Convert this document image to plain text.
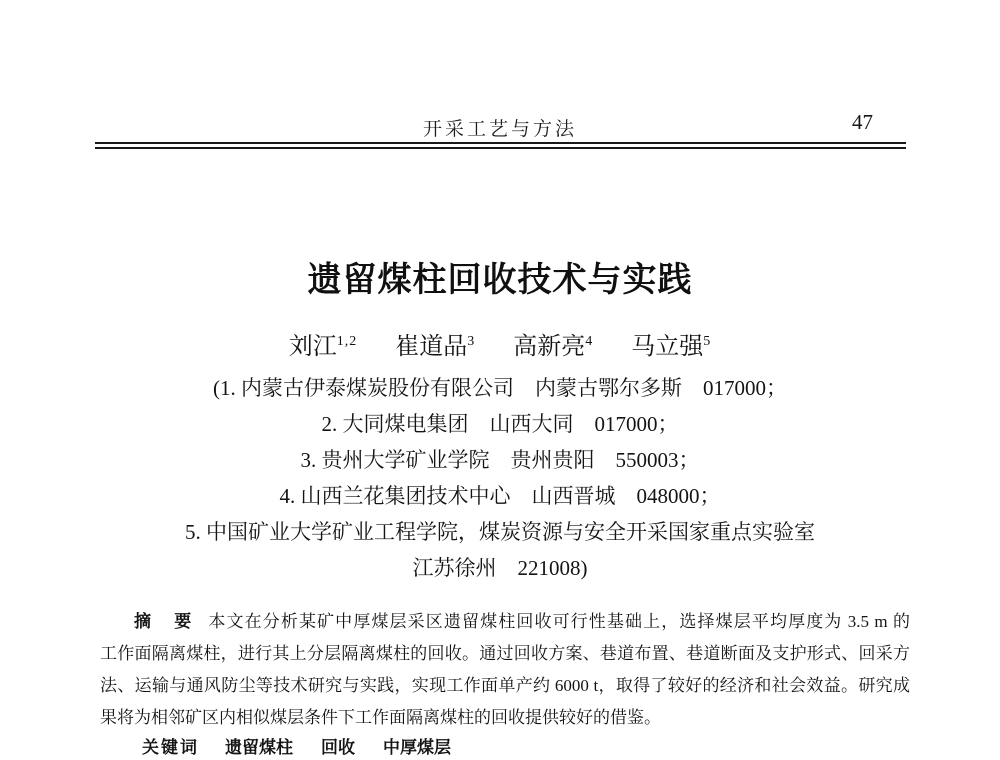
开采工艺与方法	47
遗留煤柱回收技术与实践
刘江$^{1,2}$ 崔道品$^3$ 高新亮$^4$ 马立强$^5$
(1. 内蒙古伊泰煤炭股份有限公司　内蒙古鄂尔多斯　017000；
2. 大同煤电集团　山西大同　017000；
3. 贵州大学矿业学院　贵州贵阳　550003；
4. 山西兰花集团技术中心　山西晋城　048000；
5. 中国矿业大学矿业工程学院，煤炭资源与安全开采国家重点实验室
江苏徐州　221008)
摘　要 本文在分析某矿中厚煤层采区遗留煤柱回收可行性基础上，选择煤层平均厚度为 3.5 m 的
工作面隔离煤柱，进行其上分层隔离煤柱的回收。通过回收方案、巷道布置、巷道断面及支护形式、回采方
法、运输与通风防尘等技术研究与实践，实现工作面单产约 6000 t，取得了较好的经济和社会效益。研究成
果将为相邻矿区内相似煤层条件下工作面隔离煤柱的回收提供较好的借鉴。
关键词 遗留煤柱 回收 中厚煤层
